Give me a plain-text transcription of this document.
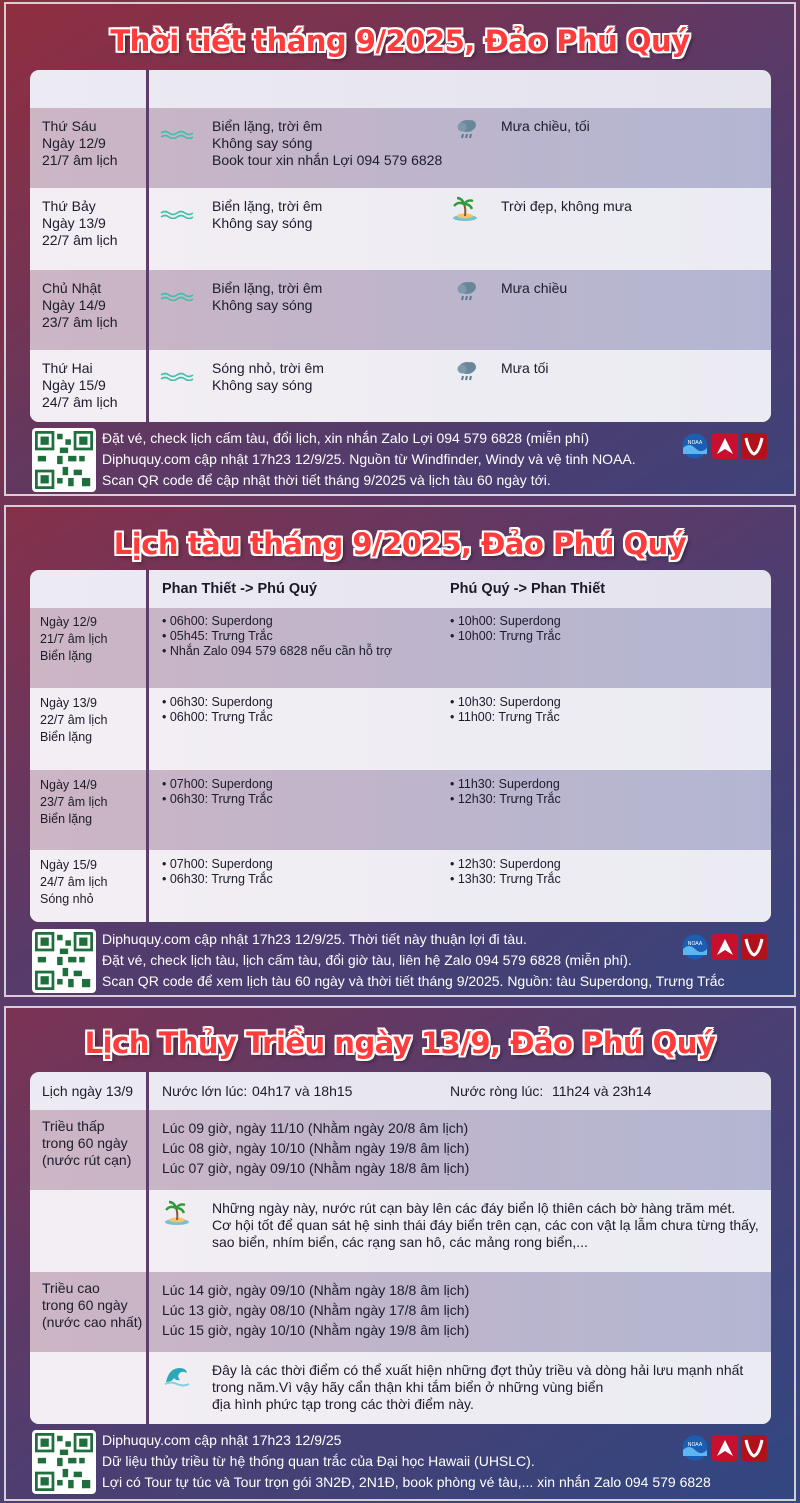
Thời tiết tháng 9/2025, Đảo Phú Quý
Thứ Sáu
Ngày 12/9
21/7 âm lịch
Biển lặng, trời êm
Không say sóng
Book tour xin nhắn Lợi 094 579 6828
Mưa chiều, tối
Thứ Bảy
Ngày 13/9
22/7 âm lịch
Biển lặng, trời êm
Không say sóng
Trời đẹp, không mưa
Chủ Nhật
Ngày 14/9
23/7 âm lịch
Biển lặng, trời êm
Không say sóng
Mưa chiều
Thứ Hai
Ngày 15/9
24/7 âm lịch
Sóng nhỏ, trời êm
Không say sóng
Mưa tối
Đặt vé, check lịch cấm tàu, đổi lịch, xin nhắn Zalo Lợi 094 579 6828 (miễn phí)
Diphuquy.com cập nhật 17h23 12/9/25. Nguồn từ Windfinder, Windy và vệ tinh NOAA.
Scan QR code để cập nhật thời tiết tháng 9/2025 và lịch tàu 60 ngày tới.
NOAA
Lịch tàu tháng 9/2025, Đảo Phú Quý
Phan Thiết -> Phú Quý	Phú Quý -> Phan Thiết
Ngày 12/9
21/7 âm lịch
Biển lặng
• 06h00: Superdong
• 05h45: Trưng Trắc
• Nhắn Zalo 094 579 6828 nếu cần hỗ trợ
• 10h00: Superdong
• 10h00: Trưng Trắc
Ngày 13/9
22/7 âm lịch
Biển lặng
• 06h30: Superdong
• 06h00: Trưng Trắc
• 10h30: Superdong
• 11h00: Trưng Trắc
Ngày 14/9
23/7 âm lịch
Biển lặng
• 07h00: Superdong
• 06h30: Trưng Trắc
• 11h30: Superdong
• 12h30: Trưng Trắc
Ngày 15/9
24/7 âm lịch
Sóng nhỏ
• 07h00: Superdong
• 06h30: Trưng Trắc
• 12h30: Superdong
• 13h30: Trưng Trắc
Diphuquy.com cập nhật 17h23 12/9/25. Thời tiết này thuận lợi đi tàu.
Đặt vé, check lịch tàu, lịch cấm tàu, đổi giờ tàu, liên hệ Zalo 094 579 6828 (miễn phí).
Scan QR code để xem lịch tàu 60 ngày và thời tiết tháng 9/2025. Nguồn: tàu Superdong, Trưng Trắc
NOAA
Lịch Thủy Triều ngày 13/9, Đảo Phú Quý
Lịch ngày 13/9 Nước lớn lúc: 04h17 và 18h15	Nước ròng lúc: 11h24 và 23h14
Triều thấp
trong 60 ngày
(nước rút cạn)
Lúc 09 giờ, ngày 11/10 (Nhằm ngày 20/8 âm lịch)
Lúc 08 giờ, ngày 10/10 (Nhằm ngày 19/8 âm lịch)
Lúc 07 giờ, ngày 09/10 (Nhằm ngày 18/8 âm lịch)
Những ngày này, nước rút cạn bày lên các đáy biển lộ thiên cách bờ hàng trăm mét.
Cơ hội tốt để quan sát hệ sinh thái đáy biển trên cạn, các con vật lạ lẫm chưa từng thấy,
sao biển, nhím biển, các rạng san hô, các mảng rong biển,...
Triều cao
trong 60 ngày
(nước cao nhất)
Lúc 14 giờ, ngày 09/10 (Nhằm ngày 18/8 âm lịch)
Lúc 13 giờ, ngày 08/10 (Nhằm ngày 17/8 âm lịch)
Lúc 15 giờ, ngày 10/10 (Nhằm ngày 19/8 âm lịch)
Đây là các thời điểm có thể xuất hiện những đợt thủy triều và dòng hải lưu mạnh nhất
trong năm.Vì vậy hãy cẩn thận khi tắm biển ở những vùng biển
địa hình phức tạp trong các thời điểm này.
Diphuquy.com cập nhật 17h23 12/9/25
Dữ liệu thủy triều từ hệ thống quan trắc của Đại học Hawaii (UHSLC).
Lợi có Tour tự túc và Tour trọn gói 3N2Đ, 2N1Đ, book phòng vé tàu,... xin nhắn Zalo 094 579 6828
NOAA
